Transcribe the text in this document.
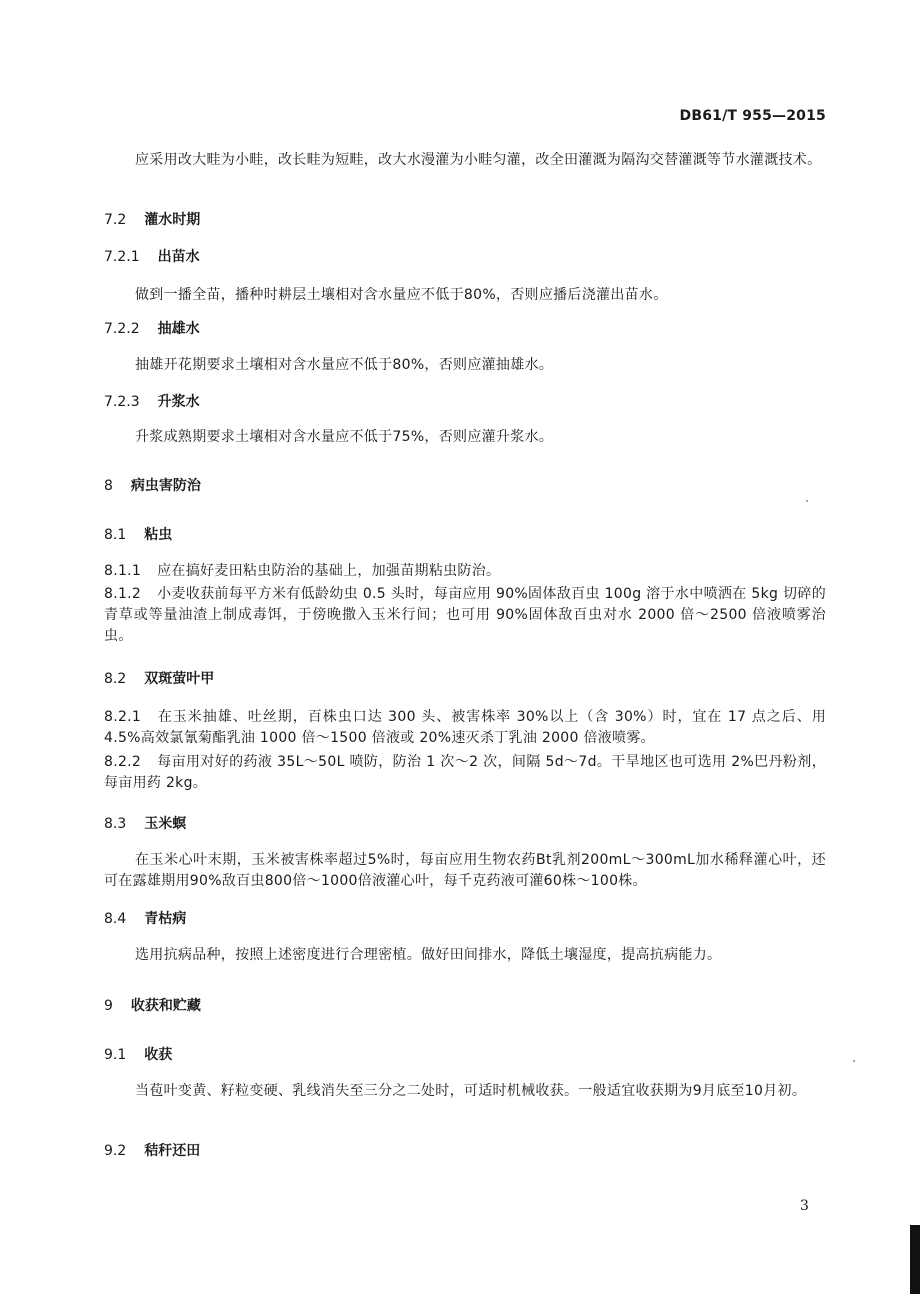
DB61/T 955—2015

应采用改大畦为小畦，改长畦为短畦，改大水漫灌为小畦匀灌，改全田灌溉为隔沟交替灌溉等节水灌溉技术。

7.2 灌水时期
7.2.1 出苗水

做到一播全苗，播种时耕层土壤相对含水量应不低于80%，否则应播后浇灌出苗水。

7.2.2 抽雄水

抽雄开花期要求土壤相对含水量应不低于80%，否则应灌抽雄水。

7.2.3 升浆水

升浆成熟期要求土壤相对含水量应不低于75%，否则应灌升浆水。

8 病虫害防治
8.1 粘虫

8.1.1 应在搞好麦田粘虫防治的基础上，加强苗期粘虫防治。

8.1.2 小麦收获前每平方米有低龄幼虫 0.5 头时，每亩应用 90%固体敌百虫 100g 溶于水中喷洒在 5kg 切碎的青草或等量油渣上制成毒饵，于傍晚撒入玉米行间；也可用 90%固体敌百虫对水 2000 倍～2500 倍液喷雾治虫。

8.2 双斑萤叶甲

8.2.1 在玉米抽雄、吐丝期，百株虫口达 300 头、被害株率 30%以上（含 30%）时，宜在 17 点之后、用 4.5%高效氯氰菊酯乳油 1000 倍～1500 倍液或 20%速灭杀丁乳油 2000 倍液喷雾。

8.2.2 每亩用对好的药液 35L～50L 喷防，防治 1 次～2 次，间隔 5d～7d。干旱地区也可选用 2%巴丹粉剂，每亩用药 2kg。

8.3 玉米螟

在玉米心叶末期，玉米被害株率超过5%时，每亩应用生物农药Bt乳剂200mL～300mL加水稀释灌心叶，还可在露雄期用90%敌百虫800倍～1000倍液灌心叶，每千克药液可灌60株～100株。

8.4 青枯病

选用抗病品种，按照上述密度进行合理密植。做好田间排水，降低土壤湿度，提高抗病能力。

9 收获和贮藏
9.1 收获

当苞叶变黄、籽粒变硬、乳线消失至三分之二处时，可适时机械收获。一般适宜收获期为9月底至10月初。

9.2 秸秆还田
3
